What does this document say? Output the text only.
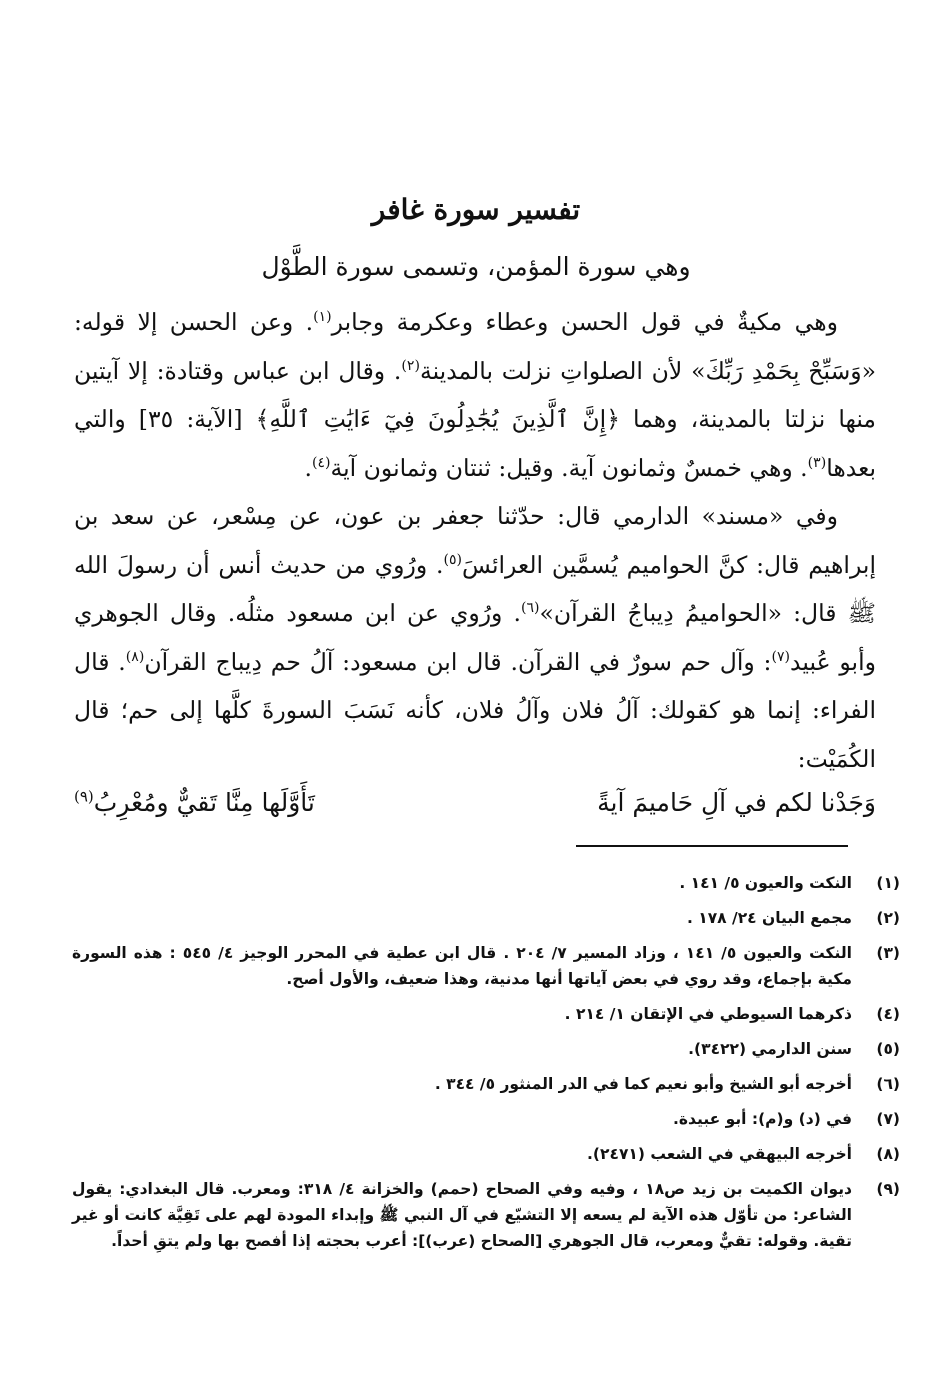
تفسير سورة غافر
وهي سورة المؤمن، وتسمى سورة الطَّوْل
وهي مكيةٌ في قول الحسن وعطاء وعكرمة وجابر$^{(١)}$. وعن الحسن إلا قوله: «وَسَبِّحْ بِحَمْدِ رَبِّكَ» لأن الصلواتِ نزلت بالمدينة$^{(٢)}$. وقال ابن عباس وقتادة: إلا آيتين منها نزلتا بالمدينة، وهما ﴿إِنَّ ٱلَّذِينَ يُجَٰدِلُونَ فِيٓ ءَايَٰتِ ٱللَّهِ﴾ [الآية: ٣٥] والتي بعدها$^{(٣)}$. وهي خمسٌ وثمانون آية. وقيل: ثنتان وثمانون آية$^{(٤)}$.
وفي «مسند» الدارمي قال: حدّثنا جعفر بن عون، عن مِسْعر، عن سعد بن إبراهيم قال: كنَّ الحواميم يُسمَّين العرائسَ$^{(٥)}$. ورُوي من حديث أنس أن رسولَ الله ﷺ قال: «الحواميمُ دِيباجُ القرآن»$^{(٦)}$. ورُوي عن ابن مسعود مثلُه. وقال الجوهري وأبو عُبيد$^{(٧)}$: وآل حم سورٌ في القرآن. قال ابن مسعود: آلُ حم دِيباج القرآن$^{(٨)}$. قال الفراء: إنما هو كقولك: آلُ فلان وآلُ فلان، كأنه نَسَبَ السورةَ كلَّها إلى حم؛ قال الكُمَيْت:
وَجَدْنا لكم في آلِ حَاميمَ آيةً
تَأَوَّلَها مِنَّا تَقيٌّ ومُعْرِبُ$^{(٩)}$
(١)
النكت والعيون ٥/ ١٤١ .
(٢)
مجمع البيان ٢٤/ ١٧٨ .
(٣)
النكت والعيون ٥/ ١٤١ ، وزاد المسير ٧/ ٢٠٤ . قال ابن عطية في المحرر الوجيز ٤/ ٥٤٥ : هذه السورة مكية بإجماع، وقد روي في بعض آياتها أنها مدنية، وهذا ضعيف، والأول أصح.
(٤)
ذكرهما السيوطي في الإتقان ١/ ٢١٤ .
(٥)
سنن الدارمي (٣٤٢٢).
(٦)
أخرجه أبو الشيخ وأبو نعيم كما في الدر المنثور ٥/ ٣٤٤ .
(٧)
في (د) و(م): أبو عبيدة.
(٨)
أخرجه البيهقي في الشعب (٢٤٧١).
(٩)
ديوان الكميت بن زيد ص١٨ ، وفيه وفي الصحاح (حمم) والخزانة ٤/ ٣١٨: ومعرب. قال البغدادي: يقول الشاعر: من تأوّل هذه الآية لم يسعه إلا التشيّع في آل النبي ﷺ وإبداء المودة لهم على تَقِيَّة كانت أو غير تقية. وقوله: تقيٌّ ومعرب، قال الجوهري [الصحاح (عرب)]: أعرب بحجته إذا أفصح بها ولم يتقِ أحداً.
